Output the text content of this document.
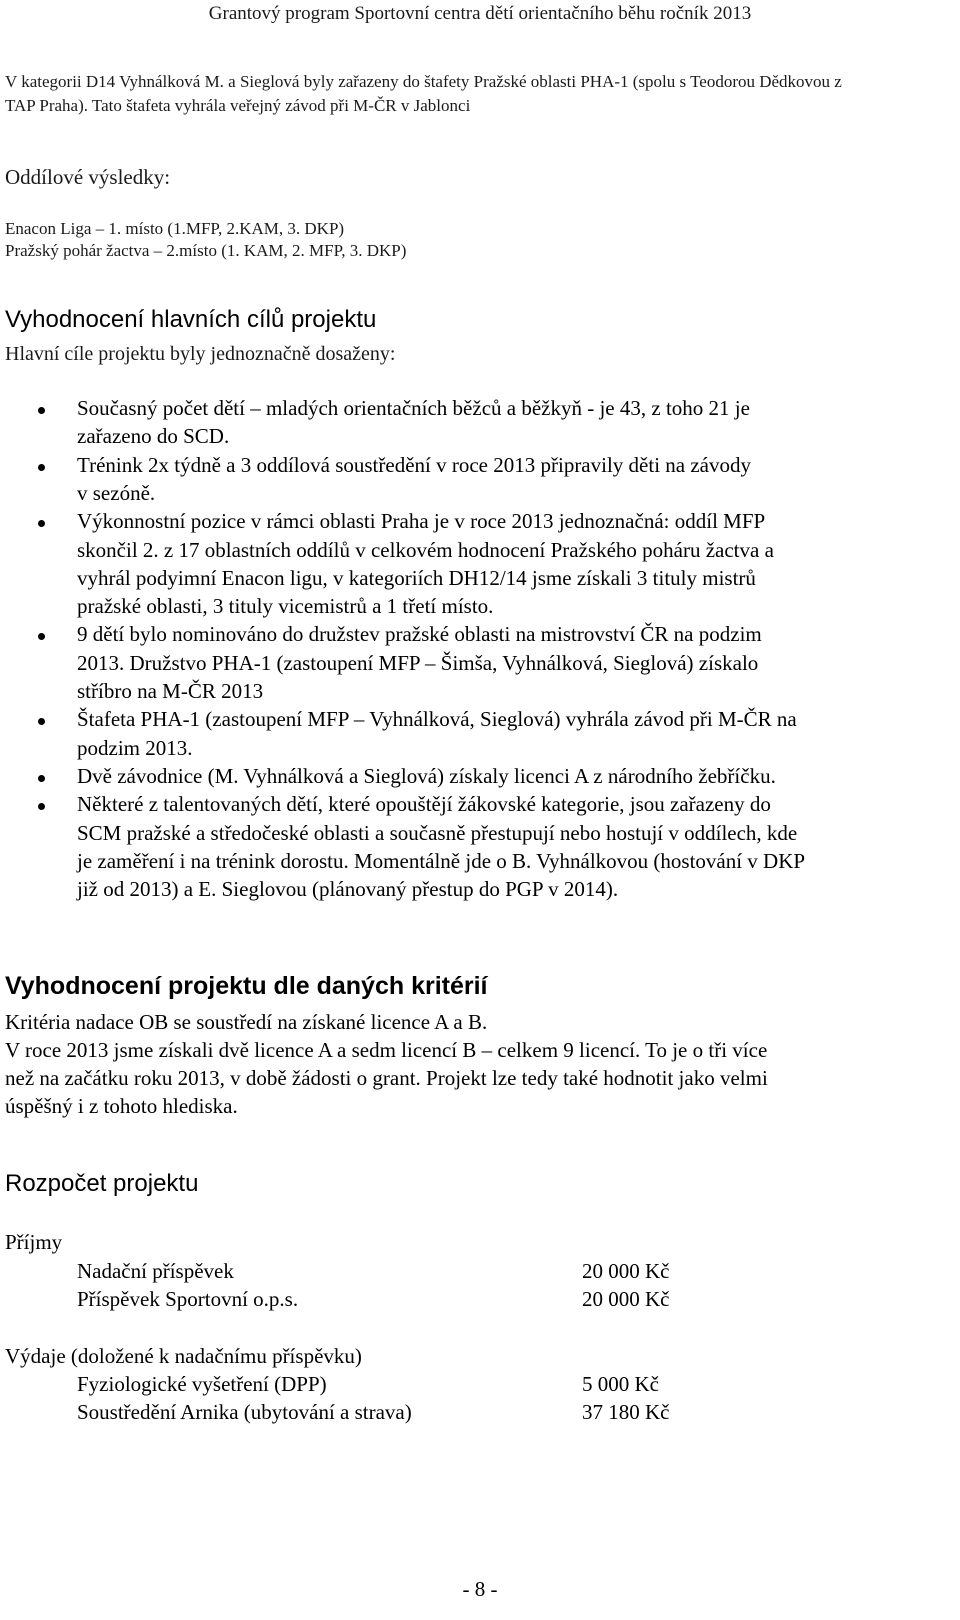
Grantový program Sportovní centra dětí orientačního běhu ročník 2013
V kategorii D14 Vyhnálková M. a Sieglová byly zařazeny do štafety Pražské oblasti PHA-1 (spolu s Teodorou Dědkovou z
TAP Praha). Tato štafeta vyhrála veřejný závod při M-ČR v Jablonci
Oddílové výsledky:
Enacon Liga – 1. místo (1.MFP, 2.KAM, 3. DKP)
Pražský pohár žactva – 2.místo (1. KAM, 2. MFP, 3. DKP)
Vyhodnocení hlavních cílů projektu
Hlavní cíle projektu byly jednoznačně dosaženy:
Současný počet dětí – mladých orientačních běžců a běžkyň - je 43, z toho 21 je
zařazeno do SCD.
Trénink 2x týdně a 3 oddílová soustředění v roce 2013 připravily děti na závody
v sezóně.
Výkonnostní pozice v rámci oblasti Praha je v roce 2013 jednoznačná: oddíl MFP
skončil 2. z 17 oblastních oddílů v celkovém hodnocení Pražského poháru žactva a
vyhrál podyimní Enacon ligu, v kategoriích DH12/14 jsme získali 3 tituly mistrů
pražské oblasti, 3 tituly vicemistrů a 1 třetí místo.
9 dětí bylo nominováno do družstev pražské oblasti na mistrovství ČR na podzim
2013. Družstvo PHA-1 (zastoupení MFP – Šimša, Vyhnálková, Sieglová) získalo
stříbro na M-ČR 2013
Štafeta PHA-1 (zastoupení MFP – Vyhnálková, Sieglová) vyhrála závod při M-ČR na
podzim 2013.
Dvě závodnice (M. Vyhnálková a Sieglová) získaly licenci A z národního žebříčku.
Některé z talentovaných dětí, které opouštějí žákovské kategorie, jsou zařazeny do
SCM pražské a středočeské oblasti a současně přestupují nebo hostují v oddílech, kde
je zaměření i na trénink dorostu. Momentálně jde o B. Vyhnálkovou (hostování v DKP
již od 2013) a E. Sieglovou (plánovaný přestup do PGP v 2014).
Vyhodnocení projektu dle daných kritérií
Kritéria nadace OB se soustředí na získané licence A a B.
V roce 2013 jsme získali dvě licence A a sedm licencí B – celkem 9 licencí. To je o tři více
než na začátku roku 2013, v době žádosti o grant. Projekt lze tedy také hodnotit jako velmi
úspěšný i z tohoto hlediska.
Rozpočet projektu
Příjmy
Nadační příspěvek	20 000 Kč
Příspěvek Sportovní o.p.s.	20 000 Kč
Výdaje (doložené k nadačnímu příspěvku)
Fyziologické vyšetření (DPP)	5 000 Kč
Soustředění Arnika (ubytování a strava)	37 180 Kč
- 8 -
